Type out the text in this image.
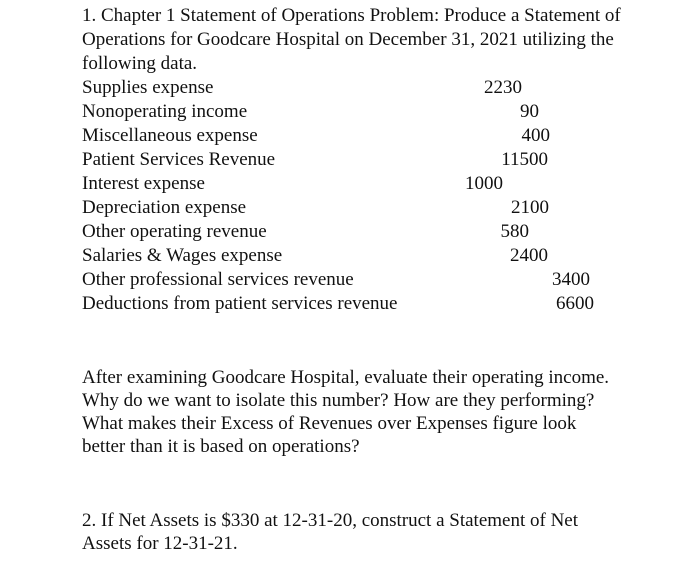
1. Chapter 1 Statement of Operations Problem: Produce a Statement of Operations for Goodcare Hospital on December 31, 2021 utilizing the following data.

Supplies expense	2230
Nonoperating income	90
Miscellaneous expense	400
Patient Services Revenue	11500
Interest expense	1000
Depreciation expense	2100
Other operating revenue	580
Salaries & Wages expense	2400
Other professional services revenue	3400
Deductions from patient services revenue	6600

After examining Goodcare Hospital, evaluate their operating income. Why do we want to isolate this number? How are they performing? What makes their Excess of Revenues over Expenses figure look better than it is based on operations?

2. If Net Assets is $330 at 12-31-20, construct a Statement of Net Assets for 12-31-21.
